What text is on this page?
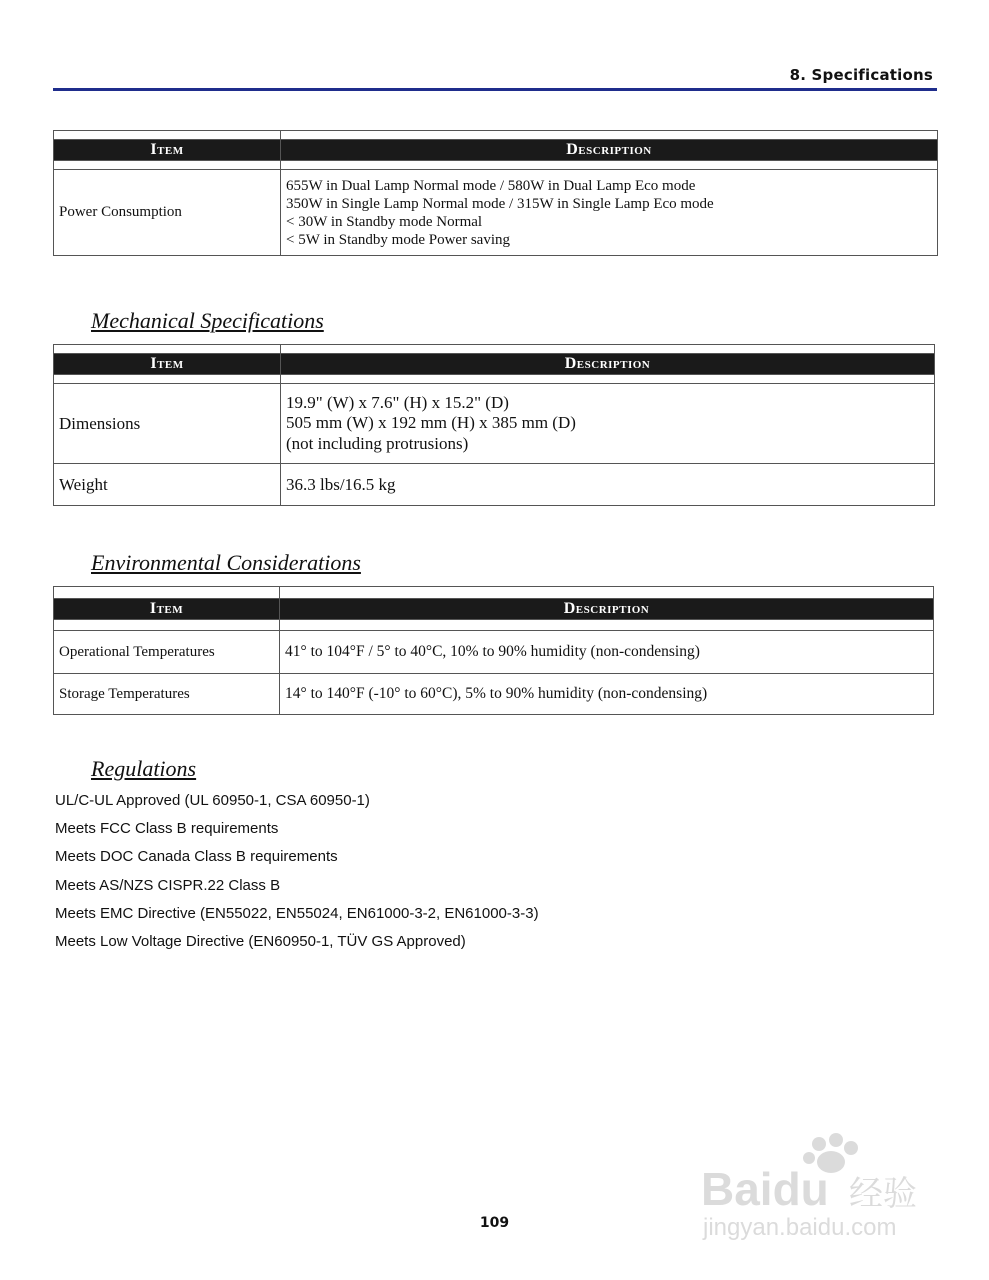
8. Specifications

Item	Description

Power Consumption	655W in Dual Lamp Normal mode / 580W in Dual Lamp Eco mode
350W in Single Lamp Normal mode / 315W in Single Lamp Eco mode
< 30W in Standby mode Normal
< 5W in Standby mode Power saving
Mechanical Specifications

Item	Description

Dimensions	19.9" (W) x 7.6" (H) x 15.2" (D)
505 mm (W) x 192 mm (H) x 385 mm (D)
(not including protrusions)

Weight	36.3 lbs/16.5 kg
Environmental Considerations

Item	Description

Operational Temperatures	41° to 104°F / 5° to 40°C, 10% to 90% humidity (non-condensing)
Storage Temperatures	14° to 140°F (-10° to 60°C), 5% to 90% humidity (non-condensing)
Regulations
UL/C-UL Approved (UL 60950-1, CSA 60950-1)
Meets FCC Class B requirements
Meets DOC Canada Class B requirements
Meets AS/NZS CISPR.22 Class B
Meets EMC Directive (EN55022, EN55024, EN61000-3-2, EN61000-3-3)
Meets Low Voltage Directive (EN60950-1, TÜV GS Approved)
Baidu 经验
jingyan.baidu.com
109
